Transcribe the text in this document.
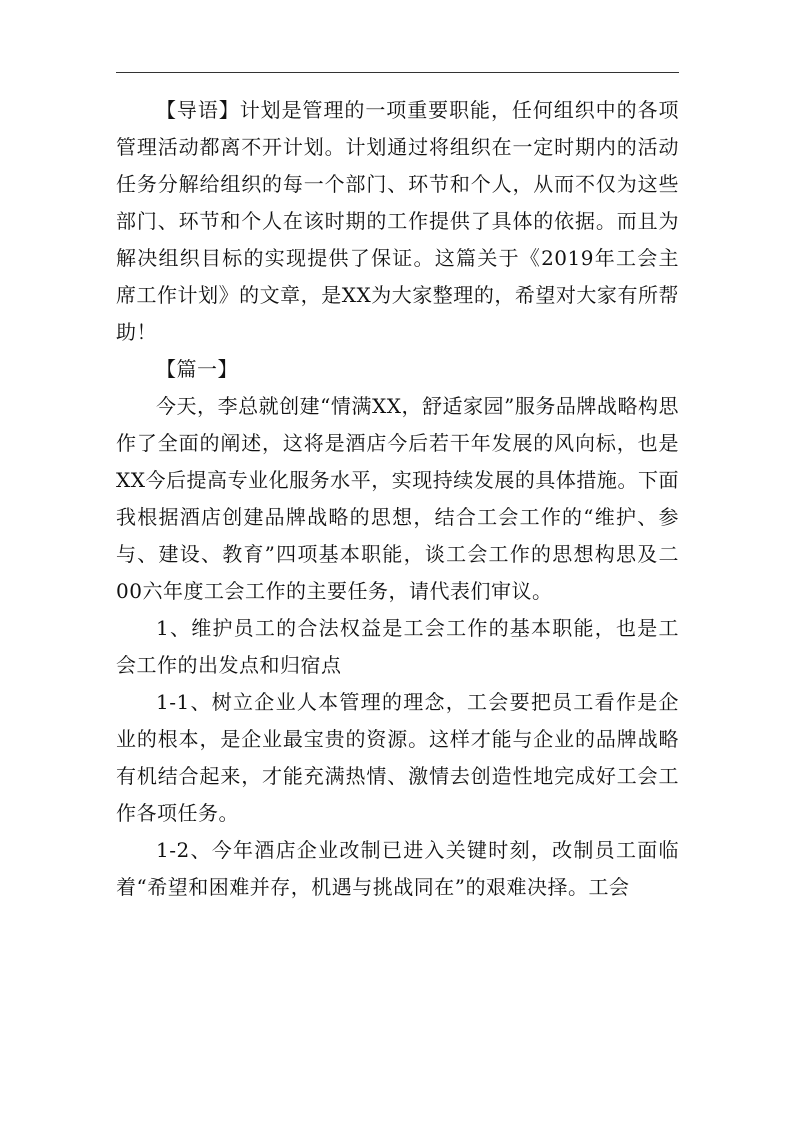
【导语】计划是管理的一项重要职能，任何组织中的各项管理活动都离不开计划。计划通过将组织在一定时期内的活动任务分解给组织的每一个部门、环节和个人，从而不仅为这些部门、环节和个人在该时期的工作提供了具体的依据。而且为解决组织目标的实现提供了保证。这篇关于《2019年工会主席工作计划》的文章，是XX为大家整理的，希望对大家有所帮助！

【篇一】

今天，李总就创建“情满XX，舒适家园”服务品牌战略构思作了全面的阐述，这将是酒店今后若干年发展的风向标，也是XX今后提高专业化服务水平，实现持续发展的具体措施。下面我根据酒店创建品牌战略的思想，结合工会工作的“维护、参与、建设、教育”四项基本职能，谈工会工作的思想构思及二00六年度工会工作的主要任务，请代表们审议。

1、维护员工的合法权益是工会工作的基本职能，也是工会工作的出发点和归宿点

1-1、树立企业人本管理的理念，工会要把员工看作是企业的根本，是企业最宝贵的资源。这样才能与企业的品牌战略有机结合起来，才能充满热情、激情去创造性地完成好工会工作各项任务。

1-2、今年酒店企业改制已进入关键时刻，改制员工面临着“希望和困难并存，机遇与挑战同在”的艰难决择。工会
